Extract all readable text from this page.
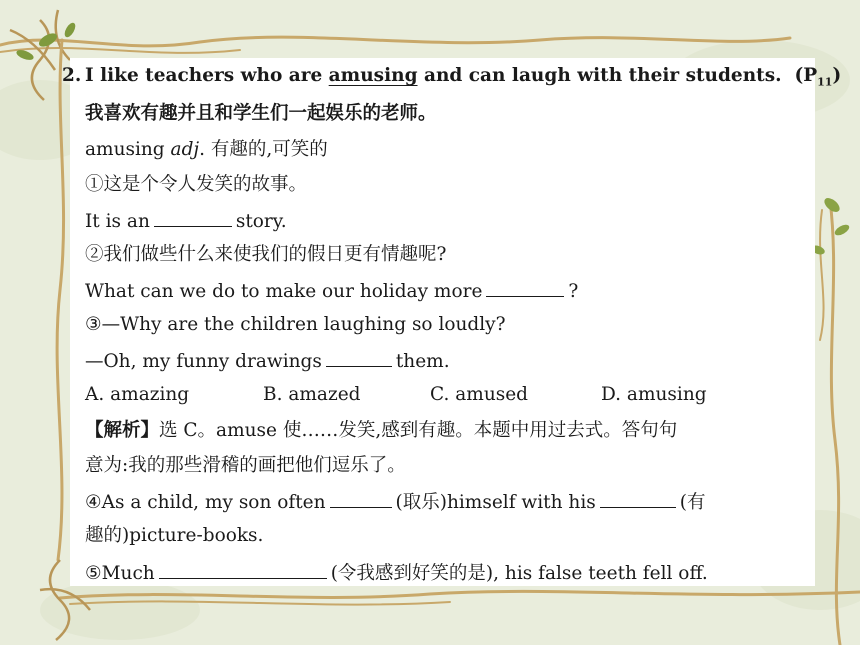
2. I like teachers who are amusing and can laugh with their students. $(P_{11})$
我喜欢有趣并且和学生们一起娱乐的老师。
amusing adj. 有趣的,可笑的
①这是个令人发笑的故事。
It is an	story.
②我们做些什么来使我们的假日更有情趣呢?
What can we do to make our holiday more	?
③—Why are the children laughing so loudly?
—Oh, my funny drawings	them.
A. amazing	B. amazed	C. amused	D. amusing
【解析】选 C。amuse 使……发笑,感到有趣。本题中用过去式。答句句
意为:我的那些滑稽的画把他们逗乐了。
④As a child, my son often	(取乐)himself with his	(有
趣的)picture-books.
⑤Much	(令我感到好笑的是), his false teeth fell off.
